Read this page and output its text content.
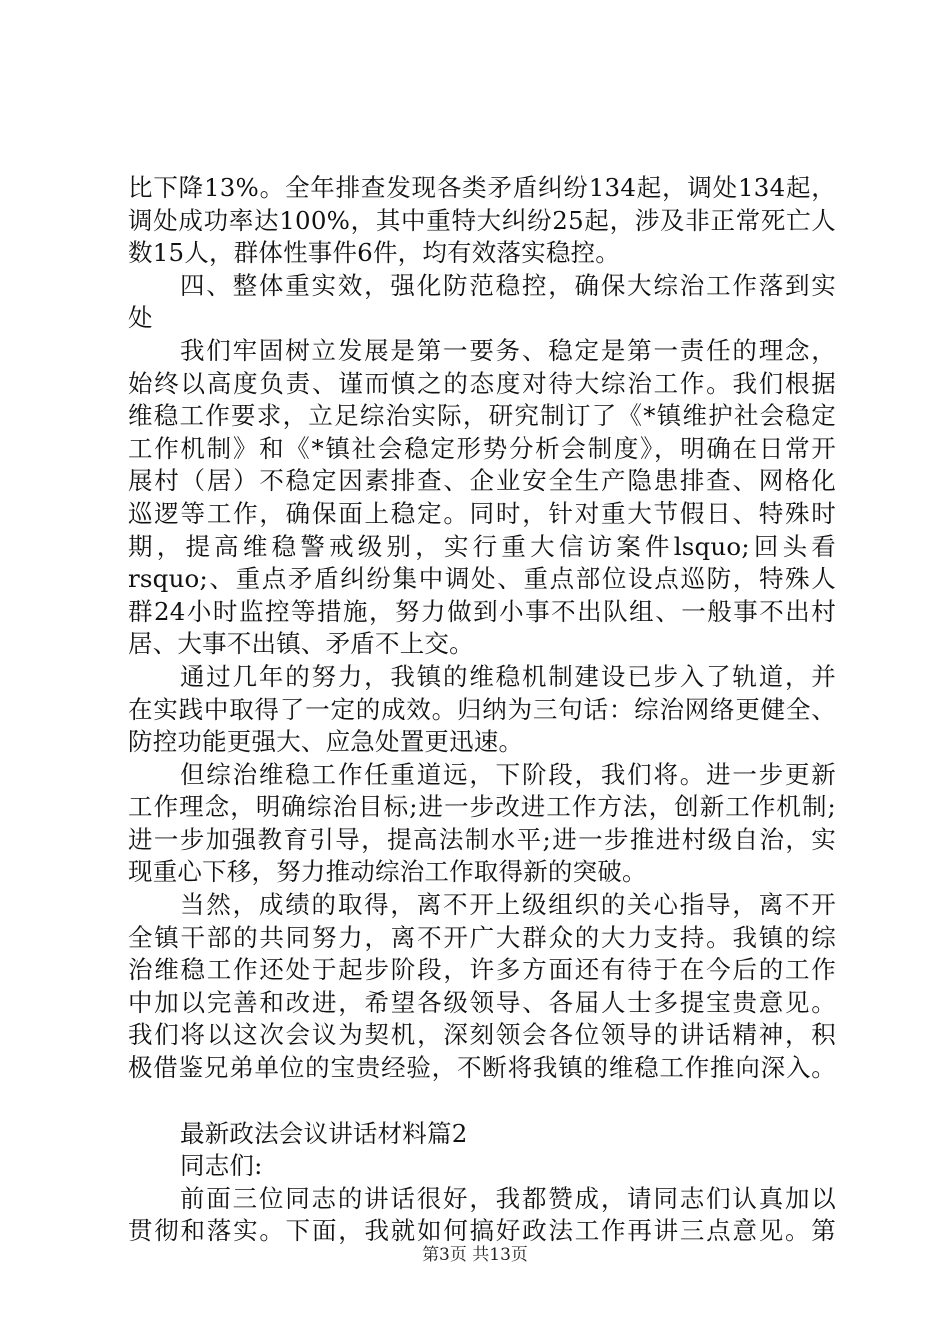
比下降13%。全年排查发现各类矛盾纠纷134起，调处134起，
调处成功率达100%，其中重特大纠纷25起，涉及非正常死亡人
数15人，群体性事件6件，均有效落实稳控。
四、整体重实效，强化防范稳控，确保大综治工作落到实
处
我们牢固树立发展是第一要务、稳定是第一责任的理念，
始终以高度负责、谨而慎之的态度对待大综治工作。我们根据
维稳工作要求，立足综治实际，研究制订了《*镇维护社会稳定
工作机制》和《*镇社会稳定形势分析会制度》，明确在日常开
展村（居）不稳定因素排查、企业安全生产隐患排查、网格化
巡逻等工作，确保面上稳定。同时，针对重大节假日、特殊时
期，提高维稳警戒级别，实行重大信访案件lsquo;回头看
rsquo;、重点矛盾纠纷集中调处、重点部位设点巡防，特殊人
群24小时监控等措施，努力做到小事不出队组、一般事不出村
居、大事不出镇、矛盾不上交。
通过几年的努力，我镇的维稳机制建设已步入了轨道，并
在实践中取得了一定的成效。归纳为三句话：综治网络更健全、
防控功能更强大、应急处置更迅速。
但综治维稳工作任重道远，下阶段，我们将。进一步更新
工作理念，明确综治目标;进一步改进工作方法，创新工作机制;
进一步加强教育引导，提高法制水平;进一步推进村级自治，实
现重心下移，努力推动综治工作取得新的突破。
当然，成绩的取得，离不开上级组织的关心指导，离不开
全镇干部的共同努力，离不开广大群众的大力支持。我镇的综
治维稳工作还处于起步阶段，许多方面还有待于在今后的工作
中加以完善和改进，希望各级领导、各届人士多提宝贵意见。
我们将以这次会议为契机，深刻领会各位领导的讲话精神，积
极借鉴兄弟单位的宝贵经验，不断将我镇的维稳工作推向深入。
最新政法会议讲话材料篇2
同志们:
前面三位同志的讲话很好，我都赞成，请同志们认真加以
贯彻和落实。下面，我就如何搞好政法工作再讲三点意见。第
第3页 共13页
